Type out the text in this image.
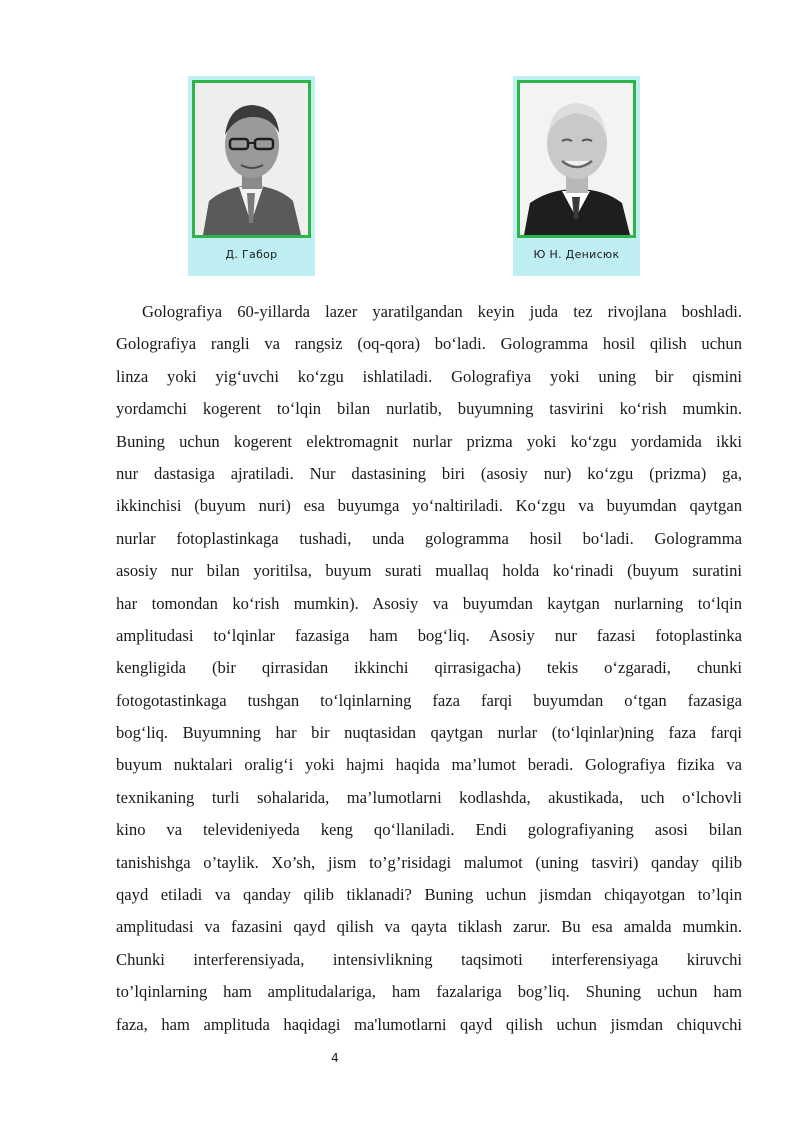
Д. Габор	Ю Н. Денисюк
Golografiya 60-yillarda lazer yaratilgandan keyin juda tez rivojlana boshladi.
Golografiya rangli va rangsiz (oq-qora) bo‘ladi. Gologramma hosil qilish uchun
linza yoki yig‘uvchi ko‘zgu ishlatiladi. Golografiya yoki uning bir qismini
yordamchi kogerent to‘lqin bilan nurlatib, buyumning tasvirini ko‘rish mumkin.
Buning uchun kogerent elektromagnit nurlar prizma yoki ko‘zgu yordamida ikki
nur dastasiga ajratiladi. Nur dastasining biri (asosiy nur) ko‘zgu (prizma) ga,
ikkinchisi (buyum nuri) esa buyumga yo‘naltiriladi. Ko‘zgu va buyumdan qaytgan
nurlar fotoplastinkaga tushadi, unda gologramma hosil bo‘ladi. Gologramma
asosiy nur bilan yoritilsa, buyum surati muallaq holda ko‘rinadi (buyum suratini
har tomondan ko‘rish mumkin). Asosiy va buyumdan kaytgan nurlarning to‘lqin
amplitudasi to‘lqinlar fazasiga ham bog‘liq. Asosiy nur fazasi fotoplastinka
kengligida (bir qirrasidan ikkinchi qirrasigacha) tekis o‘zgaradi, chunki
fotogotastinkaga tushgan to‘lqinlarning faza farqi buyumdan o‘tgan fazasiga
bog‘liq. Buyumning har bir nuqtasidan qaytgan nurlar (to‘lqinlar)ning faza farqi
buyum nuktalari oralig‘i yoki hajmi haqida ma’lumot beradi. Golografiya fizika va
texnikaning turli sohalarida, ma’lumotlarni kodlashda, akustikada, uch o‘lchovli
kino va televideniyeda keng qo‘llaniladi. Endi golografiyaning asosi bilan
tanishishga o’taylik. Xo’sh, jism to’g’risidagi malumot (uning tasviri) qanday qilib
qayd etiladi va qanday qilib tiklanadi? Buning uchun jismdan chiqayotgan to’lqin
amplitudasi va fazasini qayd qilish va qayta tiklash zarur. Bu esa amalda mumkin.
Chunki interferensiyada, intensivlikning taqsimoti interferensiyaga kiruvchi
to’lqinlarning ham amplitudalariga, ham fazalariga bog’liq. Shuning uchun ham
faza, ham amplituda haqidagi ma'lumotlarni qayd qilish uchun jismdan chiquvchi
4
